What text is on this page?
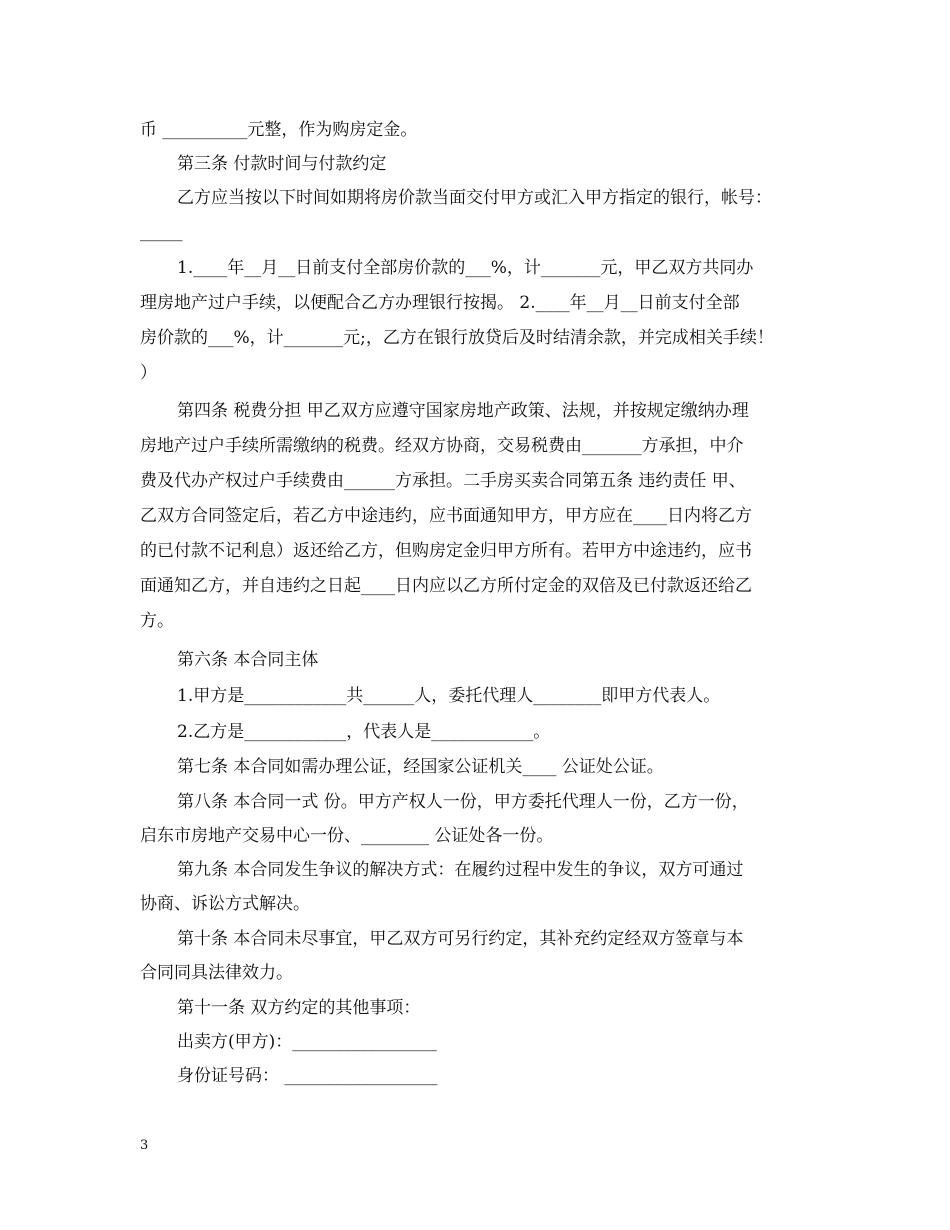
币 __________元整，作为购房定金。
第三条 付款时间与付款约定
乙方应当按以下时间如期将房价款当面交付甲方或汇入甲方指定的银行，帐号：
_____
1.____年__月__日前支付全部房价款的___%，计_______元，甲乙双方共同办
理房地产过户手续，以便配合乙方办理银行按揭。 2.____年__月__日前支付全部
房价款的___%，计_______元;，乙方在银行放贷后及时结清余款，并完成相关手续！
）
第四条 税费分担 甲乙双方应遵守国家房地产政策、法规，并按规定缴纳办理
房地产过户手续所需缴纳的税费。经双方协商，交易税费由_______方承担，中介
费及代办产权过户手续费由______方承担。二手房买卖合同第五条 违约责任 甲、
乙双方合同签定后，若乙方中途违约，应书面通知甲方，甲方应在____日内将乙方
的已付款不记利息）返还给乙方，但购房定金归甲方所有。若甲方中途违约，应书
面通知乙方，并自违约之日起____日内应以乙方所付定金的双倍及已付款返还给乙
方。
第六条 本合同主体
1.甲方是____________共______人，委托代理人________即甲方代表人。
2.乙方是____________，代表人是____________。
第七条 本合同如需办理公证，经国家公证机关____ 公证处公证。
第八条 本合同一式 份。甲方产权人一份，甲方委托代理人一份，乙方一份，
启东市房地产交易中心一份、________ 公证处各一份。
第九条 本合同发生争议的解决方式：在履约过程中发生的争议，双方可通过
协商、诉讼方式解决。
第十条 本合同未尽事宜，甲乙双方可另行约定，其补充约定经双方签章与本
合同同具法律效力。
第十一条 双方约定的其他事项：
出卖方(甲方)：_________________
身份证号码： __________________
3
